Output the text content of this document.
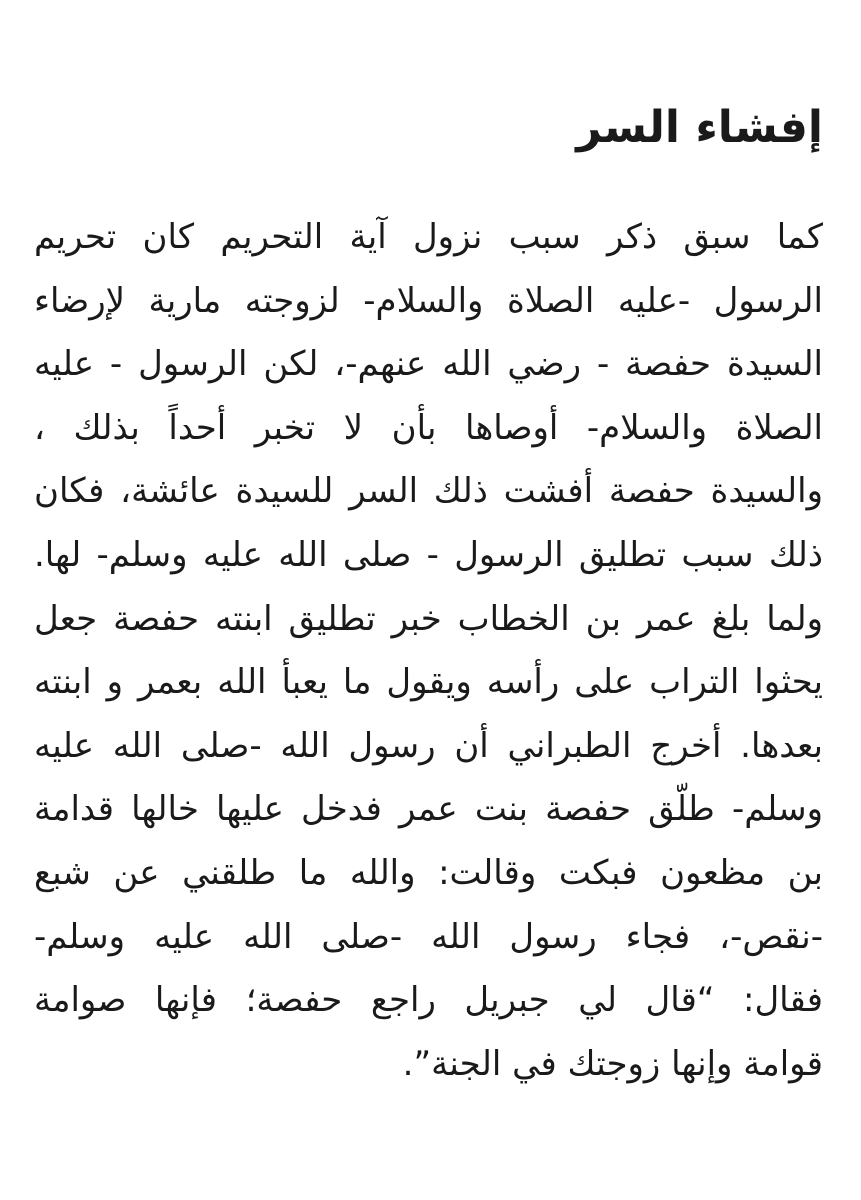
إفشاء السر
كما سبق ذكر سبب نزول آية التحريم كان تحريم
الرسول -عليه الصلاة والسلام- لزوجته مارية لإرضاء
السيدة حفصة - رضي الله عنهم-، لكن الرسول - عليه
الصلاة والسلام- أوصاها بأن لا تخبر أحداً بذلك ،
والسيدة حفصة أفشت ذلك السر للسيدة عائشة، فكان
ذلك سبب تطليق الرسول - صلى الله عليه وسلم- لها.
ولما بلغ عمر بن الخطاب خبر تطليق ابنته حفصة جعل
يحثوا التراب على رأسه ويقول ما يعبأ الله بعمر و ابنته
بعدها. أخرج الطبراني أن رسول الله -صلى الله عليه
وسلم- طلّق حفصة بنت عمر فدخل عليها خالها قدامة
بن مظعون فبكت وقالت: والله ما طلقني عن شبع
-نقص-، فجاء رسول الله -صلى الله عليه وسلم-
فقال: “قال لي جبريل راجع حفصة؛ فإنها صوامة
قوامة وإنها زوجتك في الجنة”.
